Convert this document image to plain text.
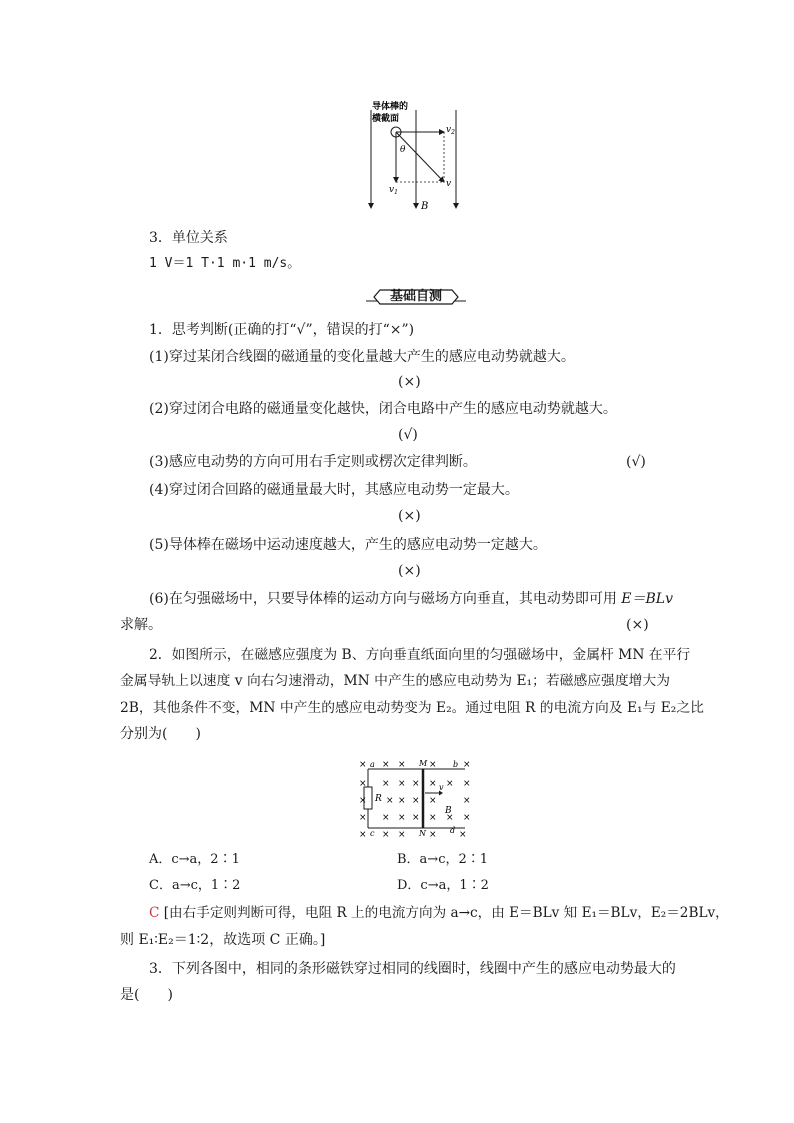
导体棒的
横截面
$v_2$
$v_1$
v
θ
B
3．单位关系
1 V＝1 T·1 m·1 m/s。
基础自测
1．思考判断(正确的打“√”，错误的打“×”)
(1)穿过某闭合线圈的磁通量的变化量越大产生的感应电动势就越大。
(×)
(2)穿过闭合电路的磁通量变化越快，闭合电路中产生的感应电动势就越大。
(√)
(3)感应电动势的方向可用右手定则或楞次定律判断。	(√)
(4)穿过闭合回路的磁通量最大时，其感应电动势一定最大。
(×)
(5)导体棒在磁场中运动速度越大，产生的感应电动势一定越大。
(×)
(6)在匀强磁场中，只要导体棒的运动方向与磁场方向垂直，其电动势即可用 E＝BLv
求解。	(×)
2．如图所示，在磁感应强度为 B、方向垂直纸面向里的匀强磁场中，金属杆 MN 在平行
金属导轨上以速度 v 向右匀速滑动，MN 中产生的感应电动势为 E₁；若磁感应强度增大为
2B，其他条件不变，MN 中产生的感应电动势变为 E₂。通过电阻 R 的电流方向及 E₁与 E₂之比
分别为(　　)
a	b
M
N
c	d
R
v
B
× × ×	×	×
× × × × × × ×
× × × × ×	×
× × × × × × ×
× × ×	× ×
A．c→a，2∶1	B．a→c，2∶1
C．a→c，1∶2	D．c→a，1∶2
C [由右手定则判断可得，电阻 R 上的电流方向为 a→c，由 E＝BLv 知 E₁＝BLv，E₂＝2BLv，
则 E₁∶E₂＝1∶2，故选项 C 正确。]
3．下列各图中，相同的条形磁铁穿过相同的线圈时，线圈中产生的感应电动势最大的
是(　　)
